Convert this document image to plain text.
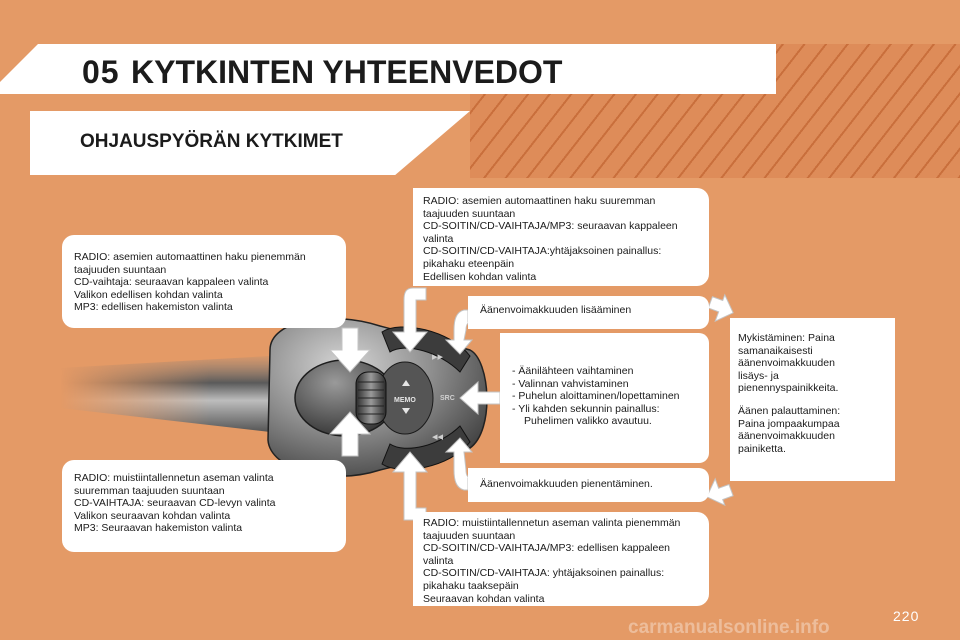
05 KYTKINTEN YHTEENVEDOT
OHJAUSPYÖRÄN KYTKIMET
▸▸
◂◂
MEMO	SRC
RADIO: asemien automaattinen haku pienemmän
taajuuden suuntaan
CD-vaihtaja: seuraavan kappaleen valinta
Valikon edellisen kohdan valinta
MP3: edellisen hakemiston valinta
RADIO: muistiintallennetun aseman valinta
suuremman taajuuden suuntaan
CD-VAIHTAJA: seuraavan CD-levyn valinta
Valikon seuraavan kohdan valinta
MP3: Seuraavan hakemiston valinta
RADIO: asemien automaattinen haku suuremman
taajuuden suuntaan
CD-SOITIN/CD-VAIHTAJA/MP3: seuraavan kappaleen
valinta
CD-SOITIN/CD-VAIHTAJA:yhtäjaksoinen painallus:
pikahaku eteenpäin
Edellisen kohdan valinta
RADIO: muistiintallennetun aseman valinta pienemmän
taajuuden suuntaan
CD-SOITIN/CD-VAIHTAJA/MP3: edellisen kappaleen
valinta
CD-SOITIN/CD-VAIHTAJA: yhtäjaksoinen painallus:
pikahaku taaksepäin
Seuraavan kohdan valinta
Äänenvoimakkuuden lisääminen
Äänenvoimakkuuden pienentäminen.
- Äänilähteen vaihtaminen
- Valinnan vahvistaminen
- Puhelun aloittaminen/lopettaminen
- Yli kahden sekunnin painallus:  Puhelimen valikko avautuu.
Mykistäminen: Paina
samanaikaisesti
äänenvoimakkuuden
lisäys- ja
pienennyspainikkeita.
Äänen palauttaminen:
Paina jompaakumpaa
äänenvoimakkuuden
painiketta.
220
carmanualsonline.info
